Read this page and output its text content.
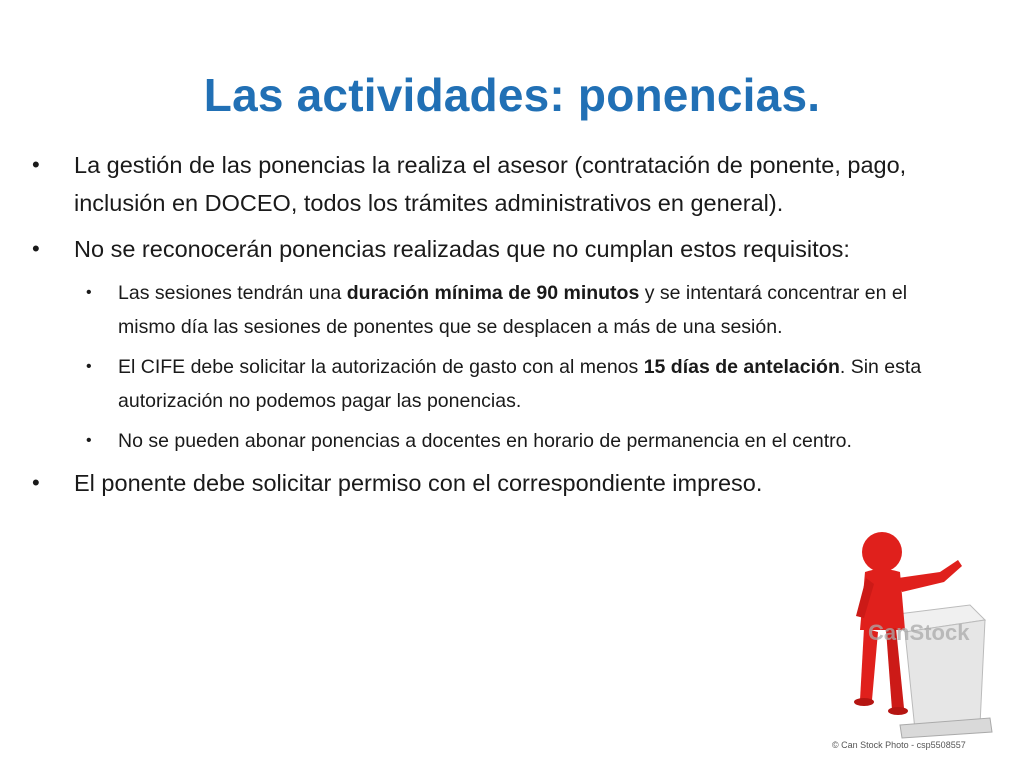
Las actividades: ponencias.
• La gestión de las ponencias la realiza el asesor (contratación de ponente, pago, inclusión en DOCEO, todos los trámites administrativos en general).
• No se reconocerán ponencias realizadas que no cumplan estos requisitos:
• Las sesiones tendrán una duración mínima de 90 minutos y se intentará concentrar en el mismo día las sesiones de ponentes que se desplacen a más de una sesión.
• El CIFE debe solicitar la autorización de gasto con al menos 15 días de antelación. Sin esta autorización no podemos pagar las ponencias.
• No se pueden abonar ponencias a docentes en horario de permanencia en el centro.
• El ponente debe solicitar permiso con el correspondiente impreso.
CanStock
© Can Stock Photo - csp5508557
